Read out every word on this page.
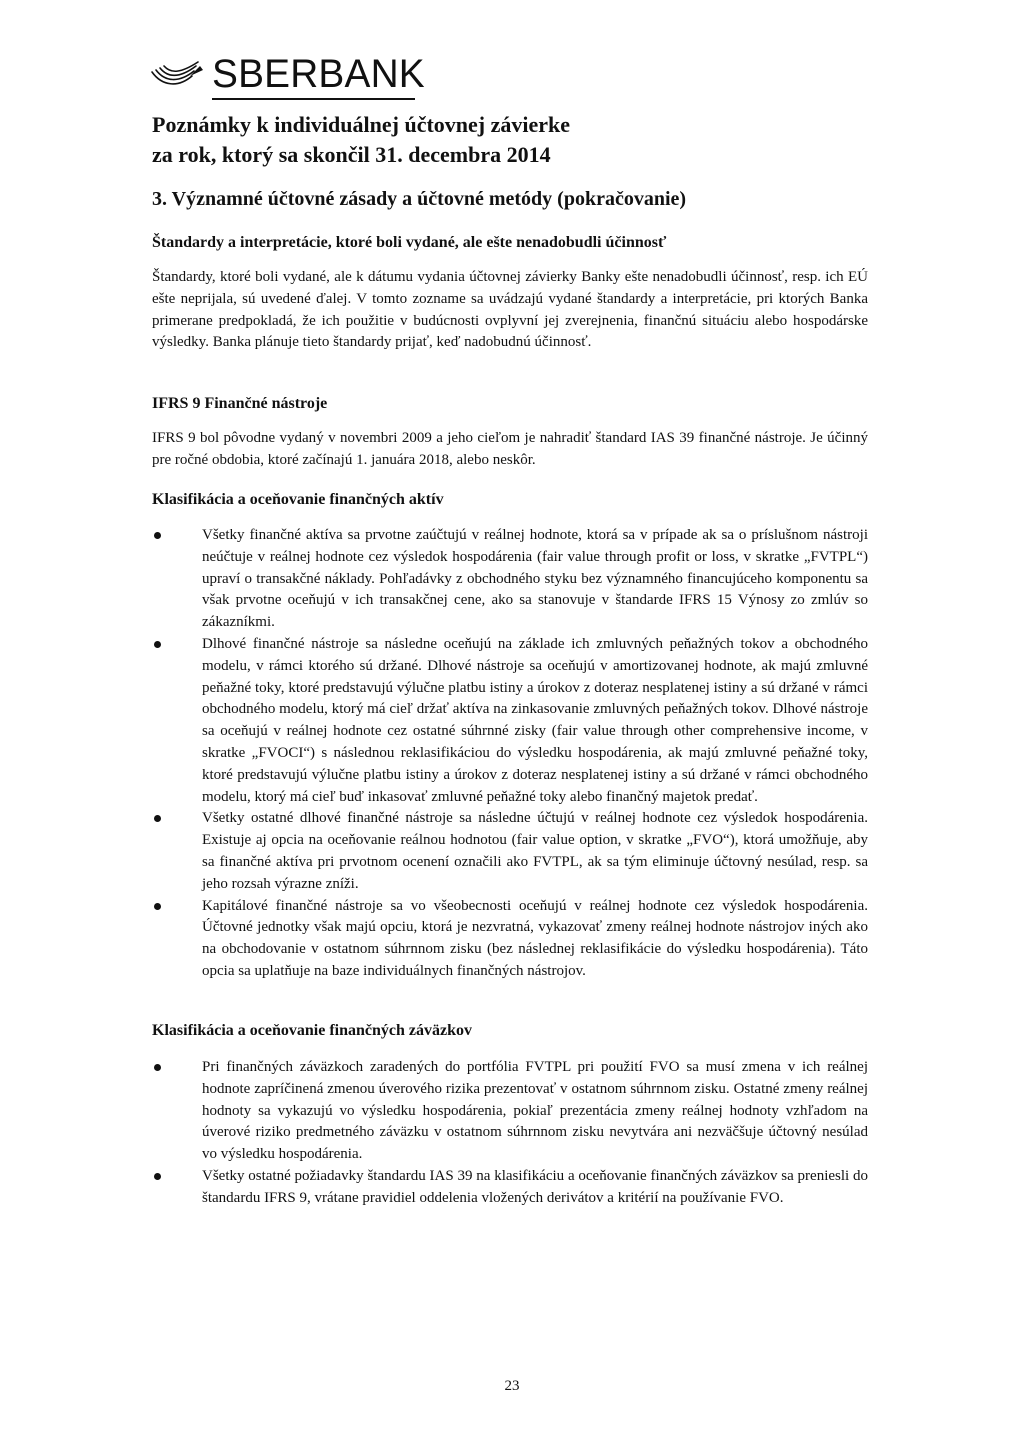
SBERBANK
Poznámky k individuálnej účtovnej závierke
za rok, ktorý sa skončil 31. decembra 2014
3. Významné účtovné zásady a účtovné metódy (pokračovanie)
Štandardy a interpretácie, ktoré boli vydané, ale ešte nenadobudli účinnosť

Štandardy, ktoré boli vydané, ale k dátumu vydania účtovnej závierky Banky ešte nenadobudli účinnosť, resp. ich EÚ ešte neprijala, sú uvedené ďalej. V tomto zozname sa uvádzajú vydané štandardy a interpretácie, pri ktorých Banka primerane predpokladá, že ich použitie v budúcnosti ovplyvní jej zverejnenia, finančnú situáciu alebo hospodárske výsledky. Banka plánuje tieto štandardy prijať, keď nadobudnú účinnosť.

IFRS 9 Finančné nástroje

IFRS 9 bol pôvodne vydaný v novembri 2009 a jeho cieľom je nahradiť štandard IAS 39 finančné nástroje. Je účinný pre ročné obdobia, ktoré začínajú 1. januára 2018, alebo neskôr.

Klasifikácia a oceňovanie finančných aktív
Všetky finančné aktíva sa prvotne zaúčtujú v reálnej hodnote, ktorá sa v prípade ak sa o príslušnom nástroji neúčtuje v reálnej hodnote cez výsledok hospodárenia (fair value through profit or loss, v skratke „FVTPL“) upraví o transakčné náklady. Pohľadávky z obchodného styku bez významného financujúceho komponentu sa však prvotne oceňujú v ich transakčnej cene, ako sa stanovuje v štandarde IFRS 15 Výnosy zo zmlúv so zákazníkmi.
Dlhové finančné nástroje sa následne oceňujú na základe ich zmluvných peňažných tokov a obchodného modelu, v rámci ktorého sú držané. Dlhové nástroje sa oceňujú v amortizovanej hodnote, ak majú zmluvné peňažné toky, ktoré predstavujú výlučne platbu istiny a úrokov z doteraz nesplatenej istiny a sú držané v rámci obchodného modelu, ktorý má cieľ držať aktíva na zinkasovanie zmluvných peňažných tokov. Dlhové nástroje sa oceňujú v reálnej hodnote cez ostatné súhrnné zisky (fair value through other comprehensive income, v skratke „FVOCI“) s následnou reklasifikáciou do výsledku hospodárenia, ak majú zmluvné peňažné toky, ktoré predstavujú výlučne platbu istiny a úrokov z doteraz nesplatenej istiny a sú držané v rámci obchodného modelu, ktorý má cieľ buď inkasovať zmluvné peňažné toky alebo finančný majetok predať.
Všetky ostatné dlhové finančné nástroje sa následne účtujú v reálnej hodnote cez výsledok hospodárenia. Existuje aj opcia na oceňovanie reálnou hodnotou (fair value option, v skratke „FVO“), ktorá umožňuje, aby sa finančné aktíva pri prvotnom ocenení označili ako FVTPL, ak sa tým eliminuje účtovný nesúlad, resp. sa jeho rozsah výrazne zníži.
Kapitálové finančné nástroje sa vo všeobecnosti oceňujú v reálnej hodnote cez výsledok hospodárenia. Účtovné jednotky však majú opciu, ktorá je nezvratná, vykazovať zmeny reálnej hodnote nástrojov iných ako na obchodovanie v ostatnom súhrnnom zisku (bez následnej reklasifikácie do výsledku hospodárenia). Táto opcia sa uplatňuje na baze individuálnych finančných nástrojov.
Klasifikácia a oceňovanie finančných záväzkov
Pri finančných záväzkoch zaradených do portfólia FVTPL pri použití FVO sa musí zmena v ich reálnej hodnote zapríčinená zmenou úverového rizika prezentovať v ostatnom súhrnnom zisku. Ostatné zmeny reálnej hodnoty sa vykazujú vo výsledku hospodárenia, pokiaľ prezentácia zmeny reálnej hodnoty vzhľadom na úverové riziko predmetného záväzku v ostatnom súhrnnom zisku nevytvára ani nezväčšuje účtovný nesúlad vo výsledku hospodárenia.
Všetky ostatné požiadavky štandardu IAS 39 na klasifikáciu a oceňovanie finančných záväzkov sa preniesli do štandardu IFRS 9, vrátane pravidiel oddelenia vložených derivátov a kritérií na používanie FVO.
23
